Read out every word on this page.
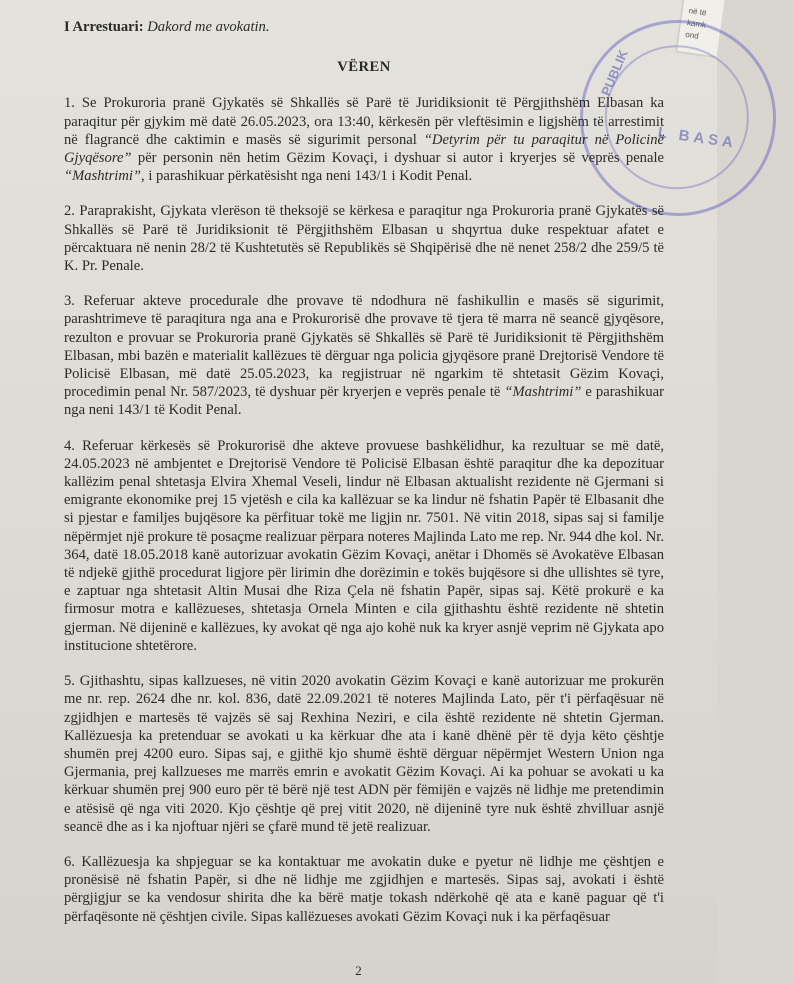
në të
kamk
ond
PUBLIK
L BASA
I Arrestuari: Dakord me avokatin.
VËREN

1. Se Prokuroria pranë Gjykatës së Shkallës së Parë të Juridiksionit të Përgjithshëm Elbasan ka paraqitur për gjykim më datë 26.05.2023, ora 13:40, kërkesën për vleftësimin e ligjshëm të arrestimit në flagrancë dhe caktimin e masës së sigurimit personal “Detyrim për tu paraqitur në Policinë Gjyqësore” për personin nën hetim Gëzim Kovaçi, i dyshuar si autor i kryerjes së veprës penale “Mashtrimi”, i parashikuar përkatësisht nga neni 143/1 i Kodit Penal.

2. Paraprakisht, Gjykata vlerëson të theksojë se kërkesa e paraqitur nga Prokuroria pranë Gjykatës së Shkallës së Parë të Juridiksionit të Përgjithshëm Elbasan u shqyrtua duke respektuar afatet e përcaktuara në nenin 28/2 të Kushtetutës së Republikës së Shqipërisë dhe në nenet 258/2 dhe 259/5 të K. Pr. Penale.

3. Referuar akteve procedurale dhe provave të ndodhura në fashikullin e masës së sigurimit, parashtrimeve të paraqitura nga ana e Prokurorisë dhe provave të tjera të marra në seancë gjyqësore, rezulton e provuar se Prokuroria pranë Gjykatës së Shkallës së Parë të Juridiksionit të Përgjithshëm Elbasan, mbi bazën e materialit kallëzues të dërguar nga policia gjyqësore pranë Drejtorisë Vendore të Policisë Elbasan, më datë 25.05.2023, ka regjistruar në ngarkim të shtetasit Gëzim Kovaçi, procedimin penal Nr. 587/2023, të dyshuar për kryerjen e veprës penale të “Mashtrimi” e parashikuar nga neni 143/1 të Kodit Penal.

4. Referuar kërkesës së Prokurorisë dhe akteve provuese bashkëlidhur, ka rezultuar se më datë, 24.05.2023 në ambjentet e Drejtorisë Vendore të Policisë Elbasan është paraqitur dhe ka depozituar kallëzim penal shtetasja Elvira Xhemal Veseli, lindur në Elbasan aktualisht rezidente në Gjermani si emigrante ekonomike prej 15 vjetësh e cila ka kallëzuar se ka lindur në fshatin Papër të Elbasanit dhe si pjestar e familjes bujqësore ka përfituar tokë me ligjin nr. 7501. Në vitin 2018, sipas saj si familje nëpërmjet një prokure të posaçme realizuar përpara noteres Majlinda Lato me rep. Nr. 944 dhe kol. Nr. 364, datë 18.05.2018 kanë autorizuar avokatin Gëzim Kovaçi, anëtar i Dhomës së Avokatëve Elbasan të ndjekë gjithë procedurat ligjore për lirimin dhe dorëzimin e tokës bujqësore si dhe ullishtes së tyre, e zaptuar nga shtetasit Altin Musai dhe Riza Çela në fshatin Papër, sipas saj. Këtë prokurë e ka firmosur motra e kallëzueses, shtetasja Ornela Minten e cila gjithashtu është rezidente në shtetin gjerman. Në dijeninë e kallëzues, ky avokat që nga ajo kohë nuk ka kryer asnjë veprim në Gjykata apo institucione shtetërore.

5. Gjithashtu, sipas kallzueses, në vitin 2020 avokatin Gëzim Kovaçi e kanë autorizuar me prokurën me nr. rep. 2624 dhe nr. kol. 836, datë 22.09.2021 të noteres Majlinda Lato, për t'i përfaqësuar në zgjidhjen e martesës të vajzës së saj Rexhina Neziri, e cila është rezidente në shtetin Gjerman. Kallëzuesja ka pretenduar se avokati u ka kërkuar dhe ata i kanë dhënë për të dyja këto çështje shumën prej 4200 euro. Sipas saj, e gjithë kjo shumë është dërguar nëpërmjet Western Union nga Gjermania, prej kallzueses me marrës emrin e avokatit Gëzim Kovaçi. Ai ka pohuar se avokati u ka kërkuar shumën prej 900 euro për të bërë një test ADN për fëmijën e vajzës në lidhje me pretendimin e atësisë që nga viti 2020. Kjo çështje që prej vitit 2020, në dijeninë tyre nuk është zhvilluar asnjë seancë dhe as i ka njoftuar njëri se çfarë mund të jetë realizuar.

6. Kallëzuesja ka shpjeguar se ka kontaktuar me avokatin duke e pyetur në lidhje me çështjen e pronësisë në fshatin Papër, si dhe në lidhje me zgjidhjen e martesës. Sipas saj, avokati i është përgjigjur se ka vendosur shirita dhe ka bërë matje tokash ndërkohë që ata e kanë paguar që t'i përfaqësonte në çështjen civile. Sipas kallëzueses avokati Gëzim Kovaçi nuk i ka përfaqësuar

2
